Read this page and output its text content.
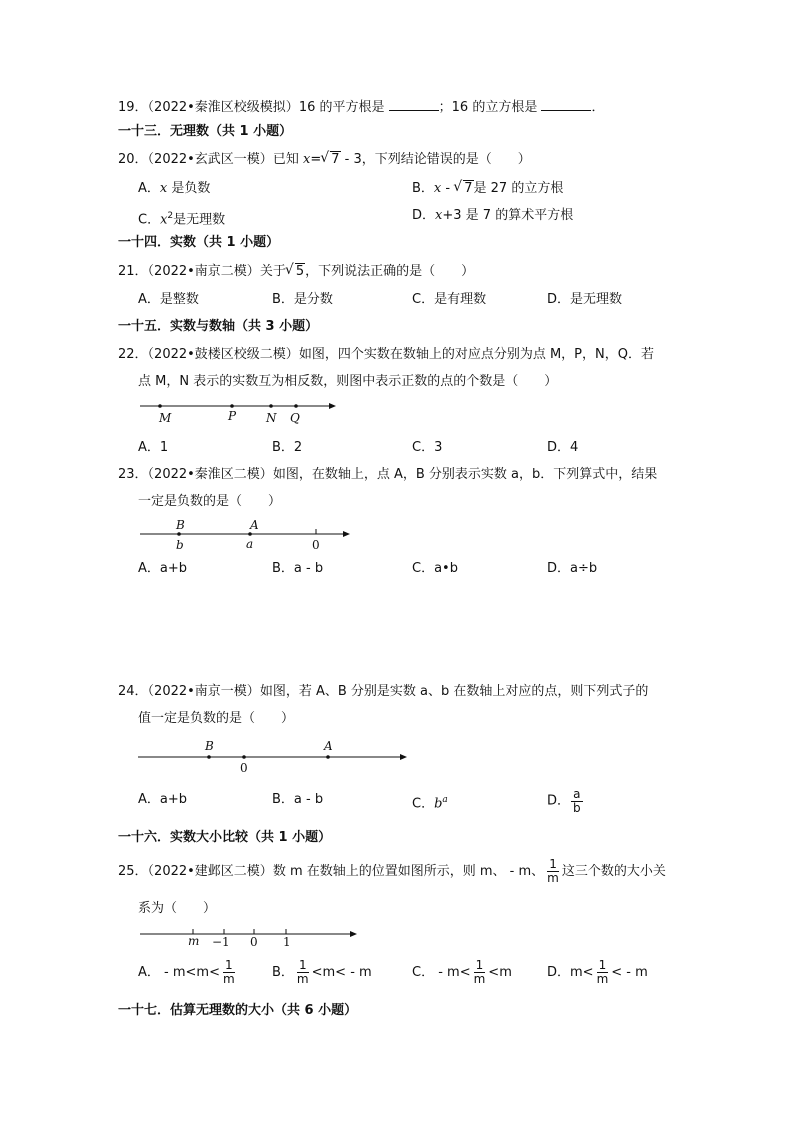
19．（2022•秦淮区校级模拟）16 的平方根是	；16 的立方根是	．
一十三．无理数（共 1 小题）
20．（2022•玄武区一模）已知 x= √ 7 - 3，下列结论错误的是（　　）
A．x 是负数	B．x - √ 7是 27 的立方根
C．$x^2$是无理数	D．x+3 是 7 的算术平方根
一十四．实数（共 1 小题）
21．（2022•南京二模）关于 √ 5，下列说法正确的是（　　）
A．是整数	B．是分数	C．是有理数	D．是无理数
一十五．实数与数轴（共 3 小题）
22．（2022•鼓楼区校级二模）如图，四个实数在数轴上的对应点分别为点 M，P，N，Q．若
点 M，N 表示的实数互为相反数，则图中表示正数的点的个数是（　　）
M	P N Q
A．1	B．2	C．3	D．4
23．（2022•秦淮区二模）如图，在数轴上，点 A，B 分别表示实数 a，b．下列算式中，结果
一定是负数的是（　　）
B	A
b	a	0
A．a+b	B．a - b	C．a•b	D．a÷b
24．（2022•南京一模）如图，若 A、B 分别是实数 a、b 在数轴上对应的点，则下列式子的
值一定是负数的是（　　）
B	A
0
A．a+b	B．a - b	C．$b^a$	D． $\frac{a}{b}$
一十六．实数大小比较（共 1 小题）
25．（2022•建邺区二模）数 m 在数轴上的位置如图所示，则 m、 - m、 $\frac{1}{m}$ 这三个数的大小关
系为（　　）
m −1 0 1
A． - $m<m< \frac{1}{m}$	B． $\frac{1}{m} <m< - m$	C． - $m< \frac{1}{m} <m$	D．$m< \frac{1}{m}$ < - m
一十七．估算无理数的大小（共 6 小题）
